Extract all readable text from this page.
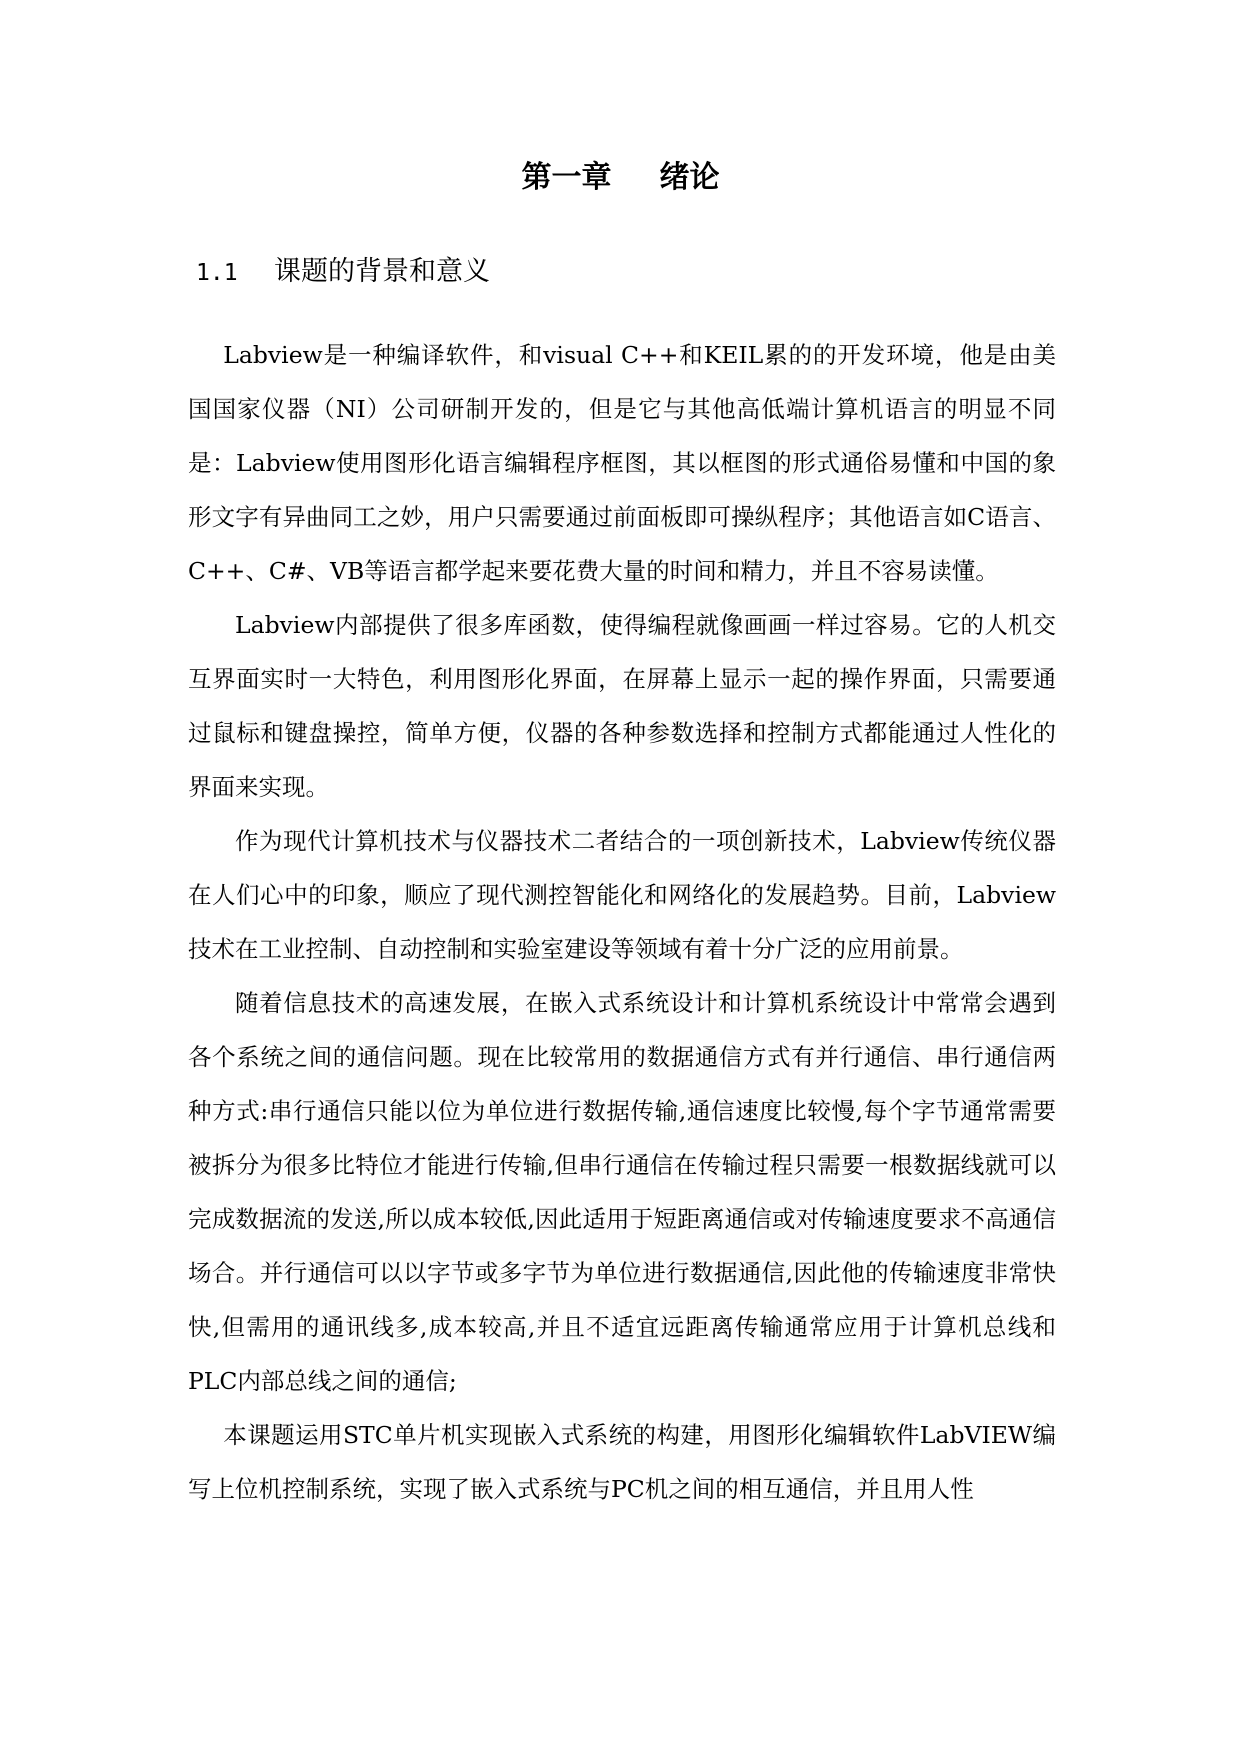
第一章 绪论
1.1 课题的背景和意义

Labview是一种编译软件，和visual C++和KEIL累的的开发环境，他是由美国国家仪器（NI）公司研制开发的，但是它与其他高低端计算机语言的明显不同是：Labview使用图形化语言编辑程序框图，其以框图的形式通俗易懂和中国的象形文字有异曲同工之妙，用户只需要通过前面板即可操纵程序；其他语言如C语言、C++、C#、VB等语言都学起来要花费大量的时间和精力，并且不容易读懂。

Labview内部提供了很多库函数，使得编程就像画画一样过容易。它的人机交互界面实时一大特色，利用图形化界面，在屏幕上显示一起的操作界面，只需要通过鼠标和键盘操控，简单方便，仪器的各种参数选择和控制方式都能通过人性化的界面来实现。

作为现代计算机技术与仪器技术二者结合的一项创新技术，Labview传统仪器在人们心中的印象，顺应了现代测控智能化和网络化的发展趋势。目前，Labview技术在工业控制、自动控制和实验室建设等领域有着十分广泛的应用前景。

随着信息技术的高速发展，在嵌入式系统设计和计算机系统设计中常常会遇到各个系统之间的通信问题。现在比较常用的数据通信方式有并行通信、串行通信两种方式:串行通信只能以位为单位进行数据传输,通信速度比较慢,每个字节通常需要被拆分为很多比特位才能进行传输,但串行通信在传输过程只需要一根数据线就可以完成数据流的发送,所以成本较低,因此适用于短距离通信或对传输速度要求不高通信场合。并行通信可以以字节或多字节为单位进行数据通信,因此他的传输速度非常快快,但需用的通讯线多,成本较高,并且不适宜远距离传输通常应用于计算机总线和PLC内部总线之间的通信;

本课题运用STC单片机实现嵌入式系统的构建，用图形化编辑软件LabVIEW编写上位机控制系统，实现了嵌入式系统与PC机之间的相互通信，并且用人性
